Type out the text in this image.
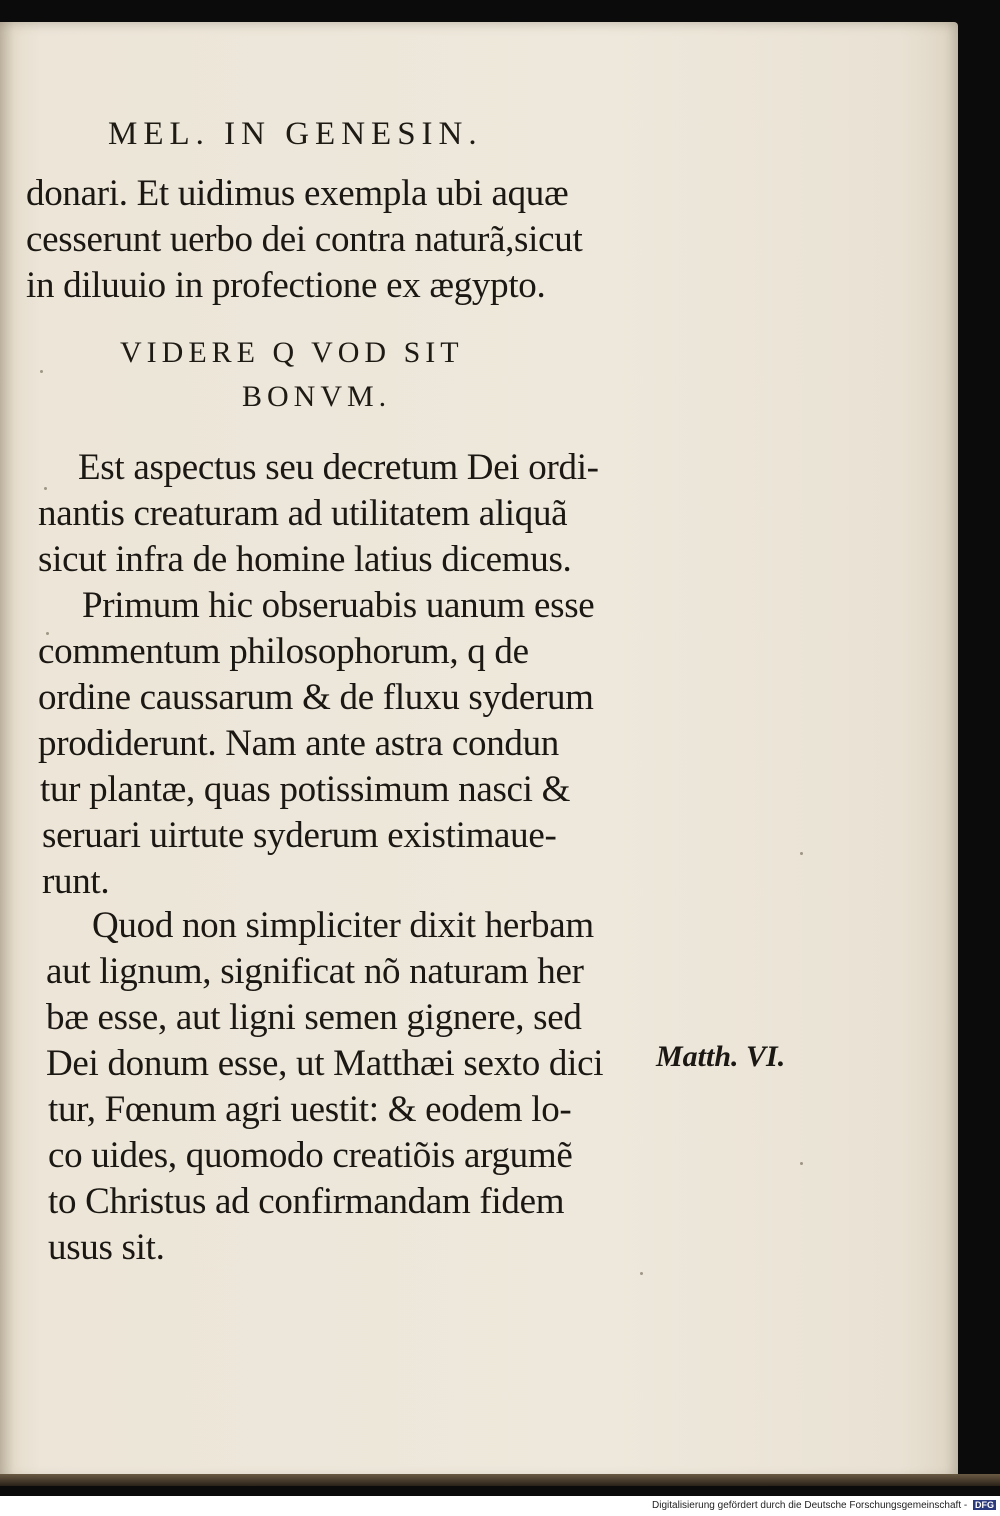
MEL. IN GENESIN.
donari. Et uidimus exempla ubi aquæ
cesserunt uerbo dei contra naturã,sicut
in diluuio in profectione ex ægypto.
VIDERE Q VOD SIT
BONVM.
Est aspectus seu decretum Dei ordi-
nantis creaturam ad utilitatem aliquã
sicut infra de homine latius dicemus.
Primum hic obseruabis uanum esse
commentum philosophorum, q de
ordine caussarum & de fluxu syderum
prodiderunt. Nam ante astra condun
tur plantæ, quas potissimum nasci &
seruari uirtute syderum existimaue-
runt.
Quod non simpliciter dixit herbam
aut lignum, significat nõ naturam her
bæ esse, aut ligni semen gignere, sed
Dei donum esse, ut Matthæi sexto dici
tur, Fœnum agri uestit: & eodem lo-
co uides, quomodo creatiõis argumẽ
to Christus ad confirmandam fidem
usus sit.
Matth. VI.
Digitalisierung gefördert durch die Deutsche Forschungsgemeinschaft - DFG
